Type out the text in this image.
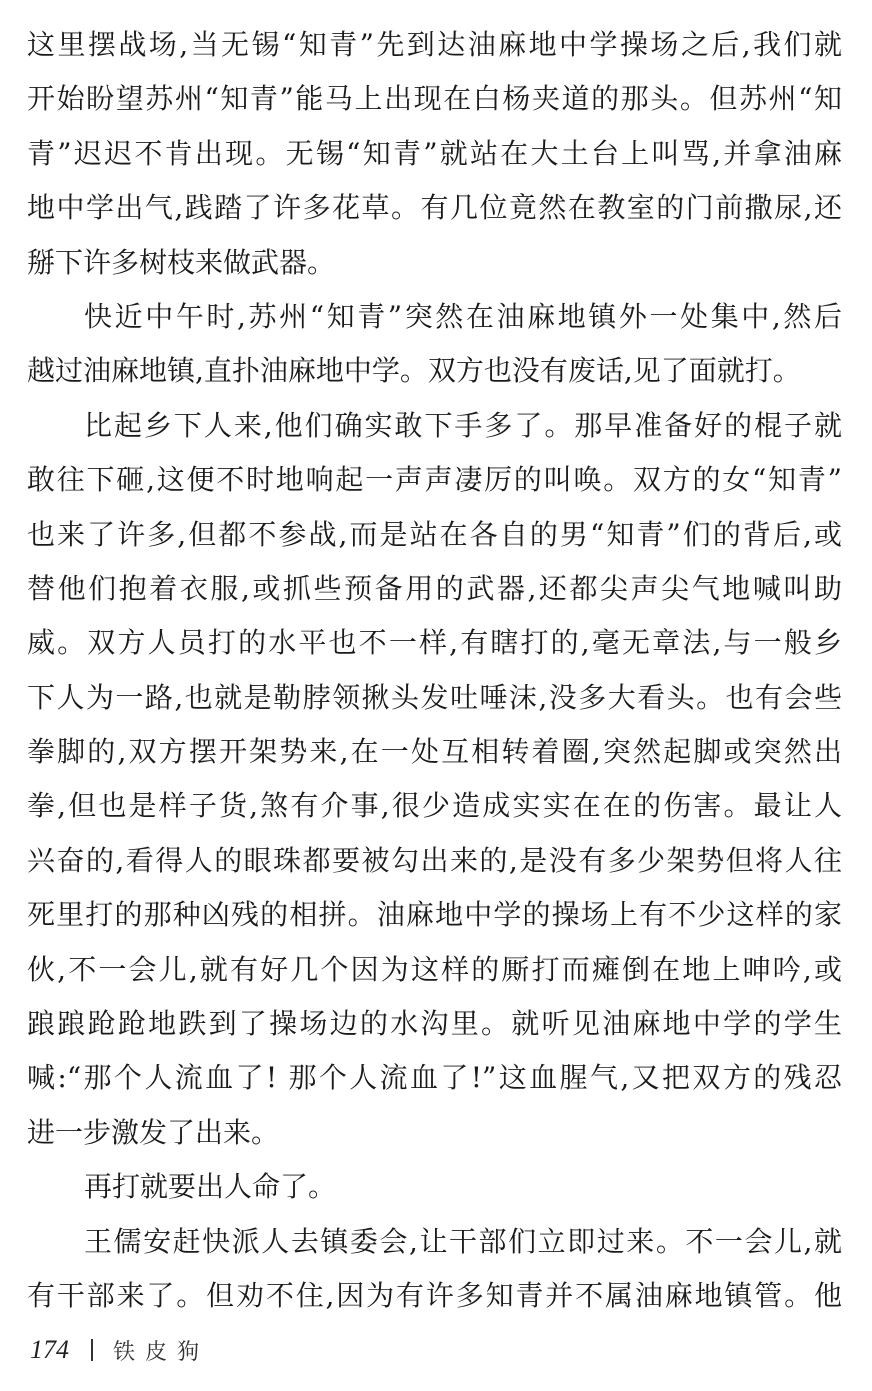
这里摆战场,当无锡“知青”先到达油麻地中学操场之后,我们就
开始盼望苏州“知青”能马上出现在白杨夹道的那头。但苏州“知
青”迟迟不肯出现。无锡“知青”就站在大土台上叫骂,并拿油麻
地中学出气,践踏了许多花草。有几位竟然在教室的门前撒尿,还
掰下许多树枝来做武器。
快近中午时,苏州“知青”突然在油麻地镇外一处集中,然后
越过油麻地镇,直扑油麻地中学。双方也没有废话,见了面就打。
比起乡下人来,他们确实敢下手多了。那早准备好的棍子就
敢往下砸,这便不时地响起一声声凄厉的叫唤。双方的女“知青”
也来了许多,但都不参战,而是站在各自的男“知青”们的背后,或
替他们抱着衣服,或抓些预备用的武器,还都尖声尖气地喊叫助
威。双方人员打的水平也不一样,有瞎打的,毫无章法,与一般乡
下人为一路,也就是勒脖领揪头发吐唾沫,没多大看头。也有会些
拳脚的,双方摆开架势来,在一处互相转着圈,突然起脚或突然出
拳,但也是样子货,煞有介事,很少造成实实在在的伤害。最让人
兴奋的,看得人的眼珠都要被勾出来的,是没有多少架势但将人往
死里打的那种凶残的相拼。油麻地中学的操场上有不少这样的家
伙,不一会儿,就有好几个因为这样的厮打而瘫倒在地上呻吟,或
踉踉跄跄地跌到了操场边的水沟里。就听见油麻地中学的学生
喊:“那个人流血了! 那个人流血了!”这血腥气,又把双方的残忍
进一步激发了出来。
再打就要出人命了。
王儒安赶快派人去镇委会,让干部们立即过来。不一会儿,就
有干部来了。但劝不住,因为有许多知青并不属油麻地镇管。他
174 铁皮狗
